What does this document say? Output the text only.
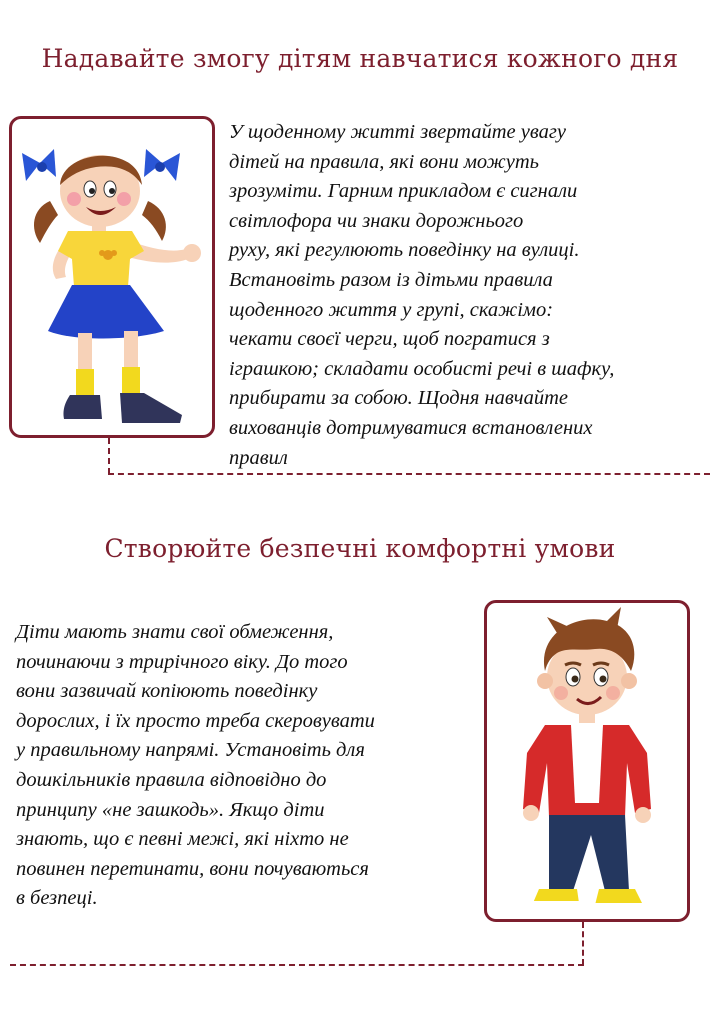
Надавайте змогу дітям навчатися кожного дня
У щоденному житті звертайте увагу
дітей на правила, які вони можуть
зрозуміти. Гарним прикладом є сигнали
світлофора чи знаки дорожнього
руху, які регулюють поведінку на вулиці.
Встановіть разом із дітьми правила
щоденного життя у групі, скажімо:
чекати своєї черги, щоб погратися з
іграшкою; складати особисті речі в шафку,
прибирати за собою. Щодня навчайте
вихованців дотримуватися встановлених
правил
Створюйте безпечні комфортні умови
Діти мають знати свої обмеження,
починаючи з трирічного віку. До того
вони зазвичай копіюють поведінку
дорослих, і їх просто треба скеровувати
у правильному напрямі. Установіть для
дошкільників правила відповідно до
принципу «не зашкодь». Якщо діти
знають, що є певні межі, які ніхто не
повинен перетинати, вони почуваються
в безпеці.
